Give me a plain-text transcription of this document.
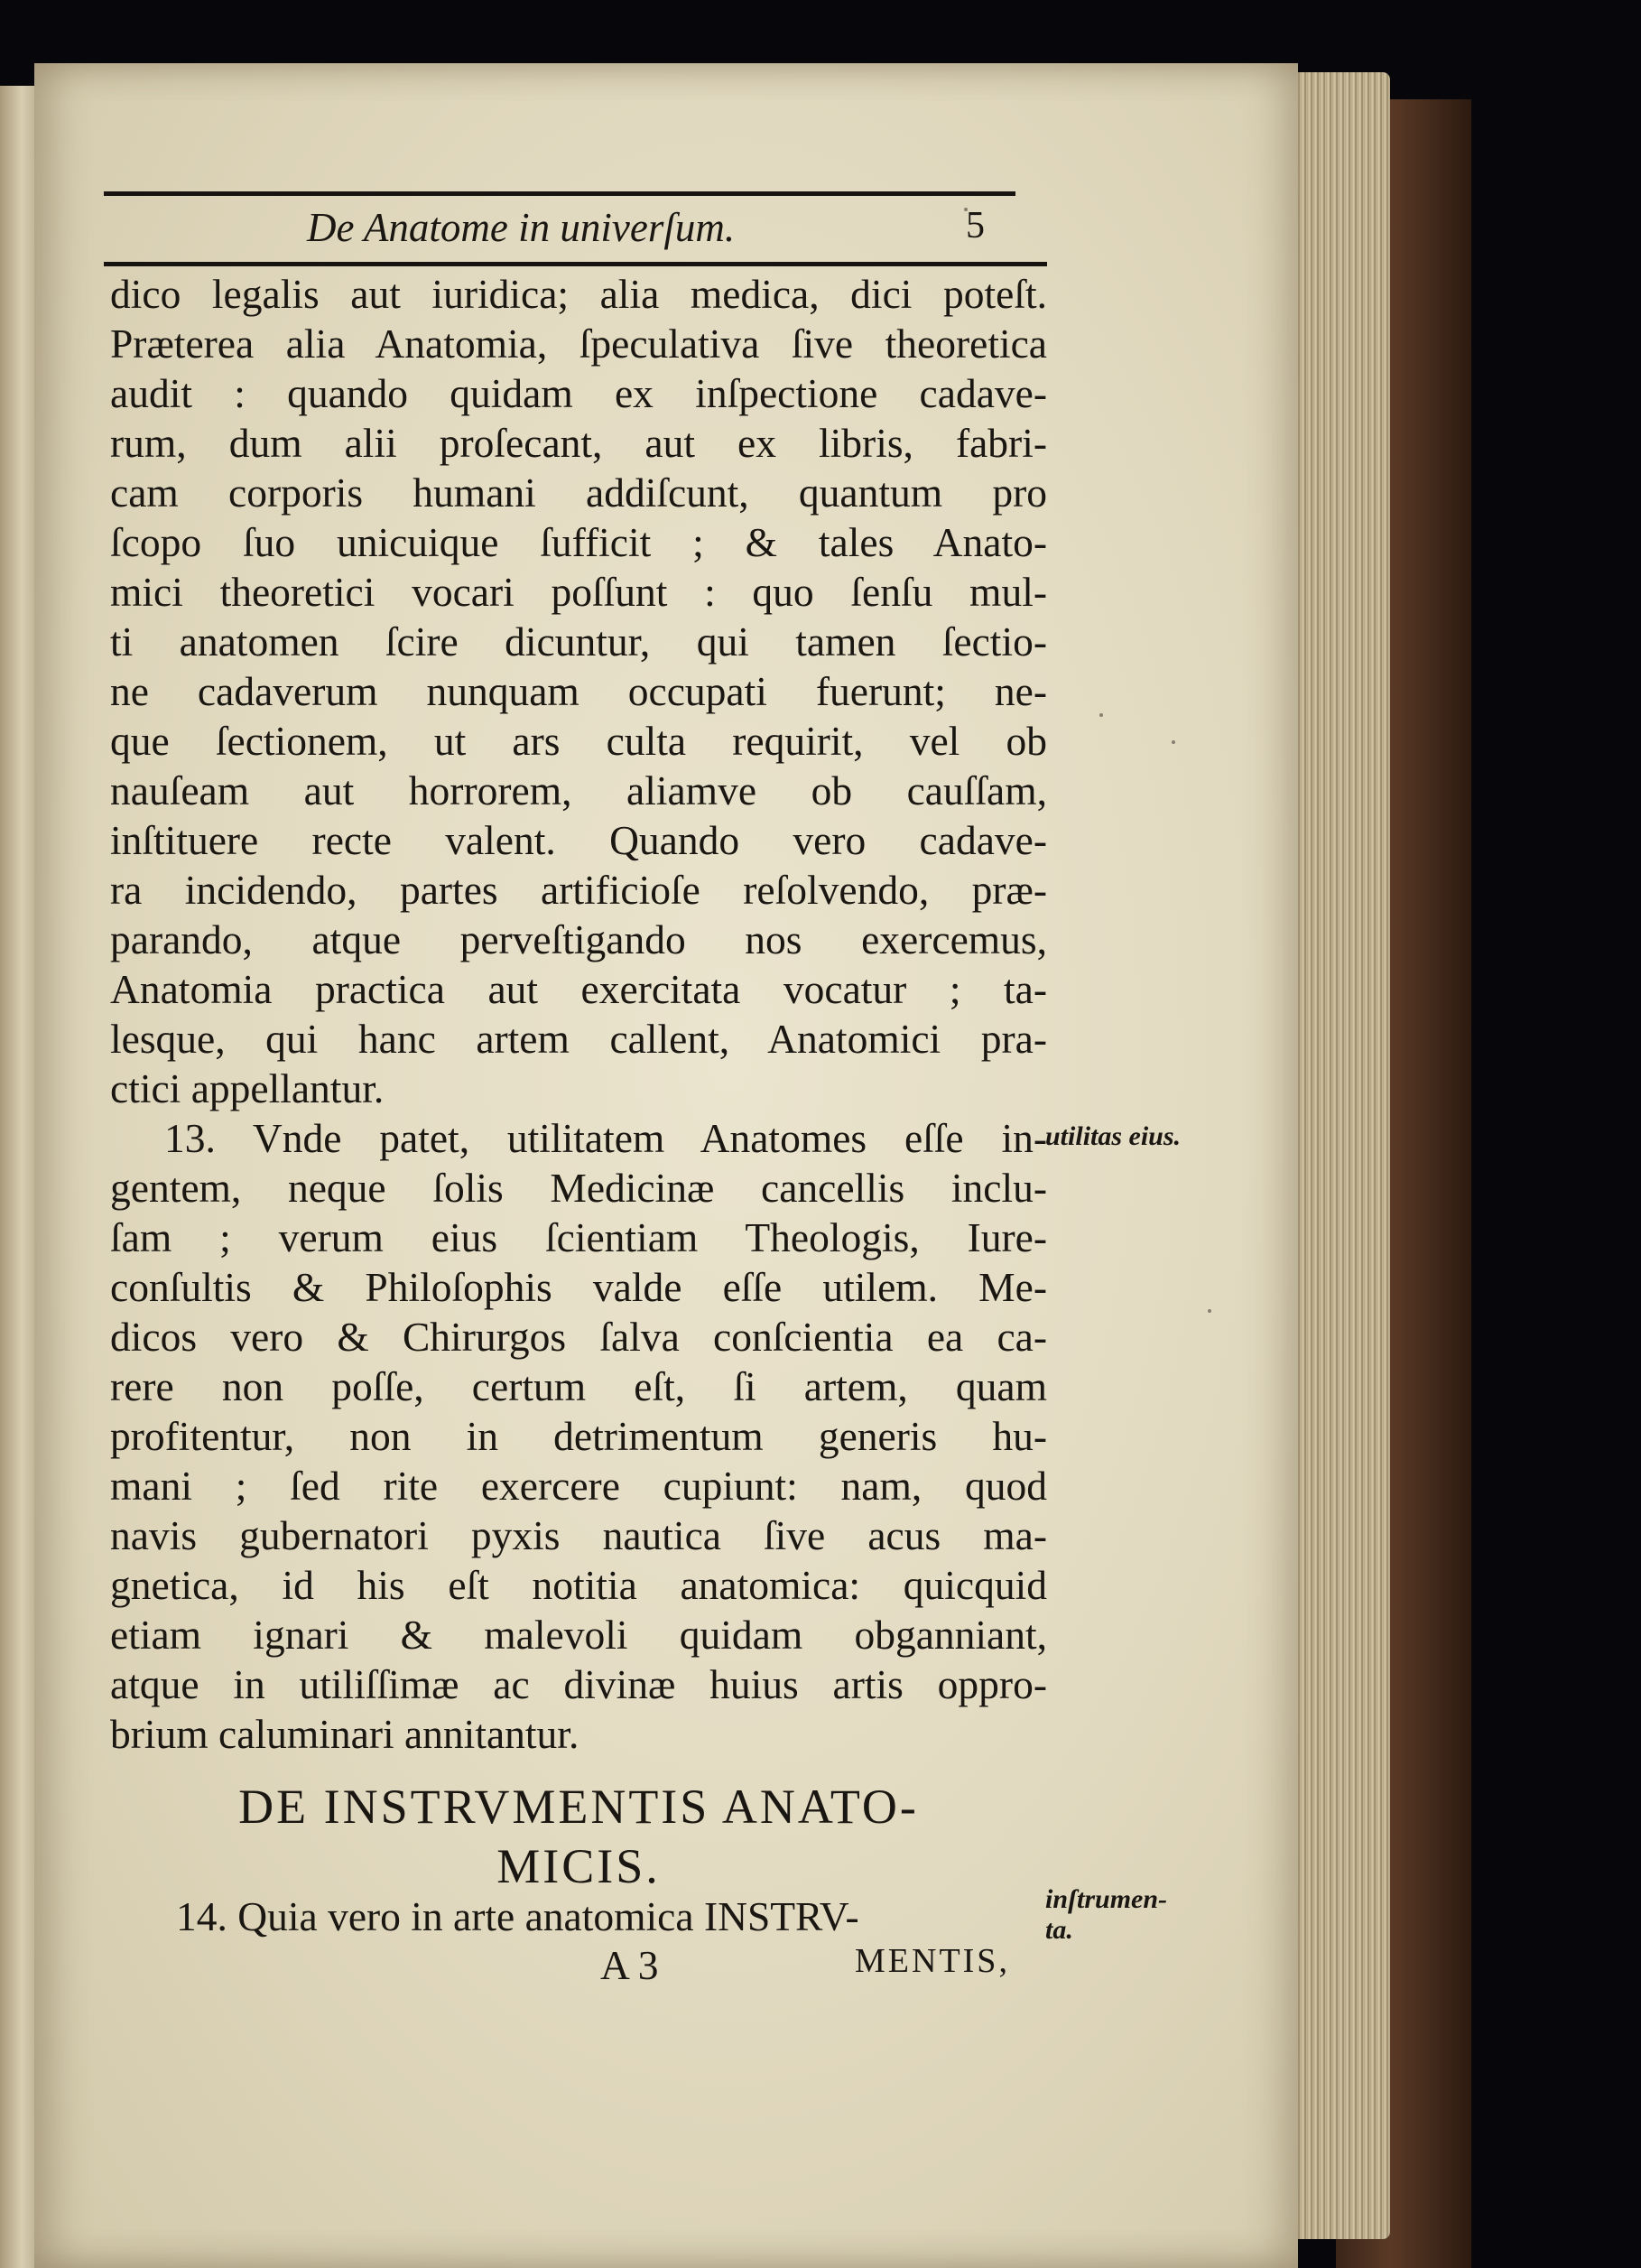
De Anatome in univerſum.	5

dico legalis aut iuridica; alia medica, dici poteſt.
Præterea alia Anatomia, ſpeculativa ſive theoretica
audit : quando quidam ex inſpectione cadave-
rum, dum alii proſecant, aut ex libris, fabri-
cam corporis humani addiſcunt, quantum pro
ſcopo ſuo unicuique ſufficit ; & tales Anato-
mici theoretici vocari poſſunt : quo ſenſu mul-
ti anatomen ſcire dicuntur, qui tamen ſectio-
ne cadaverum nunquam occupati fuerunt; ne-
que ſectionem, ut ars culta requirit, vel ob
nauſeam aut horrorem, aliamve ob cauſſam,
inſtituere recte valent. Quando vero cadave-
ra incidendo, partes artificioſe reſolvendo, præ-
parando, atque perveſtigando nos exercemus,
Anatomia practica aut exercitata vocatur ; ta-
lesque, qui hanc artem callent, Anatomici pra-
ctici appellantur.
13. Vnde patet, utilitatem Anatomes eſſe in-
gentem, neque ſolis Medicinæ cancellis inclu-
ſam ; verum eius ſcientiam Theologis, Iure-
conſultis & Philoſophis valde eſſe utilem. Me-
dicos vero & Chirurgos ſalva conſcientia ea ca-
rere non poſſe, certum eſt, ſi artem, quam
profitentur, non in detrimentum generis hu-
mani ; ſed rite exercere cupiunt: nam, quod
navis gubernatori pyxis nautica ſive acus ma-
gnetica, id his eſt notitia anatomica: quicquid
etiam ignari & malevoli quidam obganniant,
atque in utiliſſimæ ac divinæ huius artis oppro-
brium caluminari annitantur.

DE INSTRVMENTIS ANATO-
MICIS.
14. Quia vero in arte anatomica INSTRV-
A 3	MENTIS,
utilitas eius.
inſtrumen-
ta.
